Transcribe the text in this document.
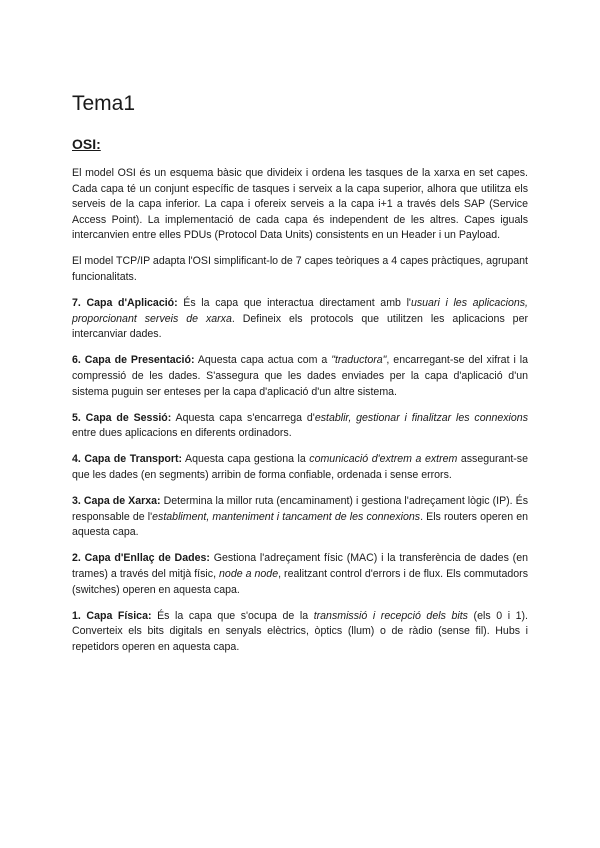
Tema1
OSI:

El model OSI és un esquema bàsic que divideix i ordena les tasques de la xarxa en set capes. Cada capa té un conjunt específic de tasques i serveix a la capa superior, alhora que utilitza els serveis de la capa inferior. La capa i ofereix serveis a la capa i+1 a través dels SAP (Service Access Point). La implementació de cada capa és independent de les altres. Capes iguals intercanvien entre elles PDUs (Protocol Data Units) consistents en un Header i un Payload.

El model TCP/IP adapta l'OSI simplificant-lo de 7 capes teòriques a 4 capes pràctiques, agrupant funcionalitats.

7. Capa d'Aplicació: És la capa que interactua directament amb l'usuari i les aplicacions, proporcionant serveis de xarxa. Defineix els protocols que utilitzen les aplicacions per intercanviar dades.

6. Capa de Presentació: Aquesta capa actua com a "traductora", encarregant-se del xifrat i la compressió de les dades. S'assegura que les dades enviades per la capa d'aplicació d'un sistema puguin ser enteses per la capa d'aplicació d'un altre sistema.

5. Capa de Sessió: Aquesta capa s'encarrega d'establir, gestionar i finalitzar les connexions entre dues aplicacions en diferents ordinadors.

4. Capa de Transport: Aquesta capa gestiona la comunicació d'extrem a extrem assegurant-se que les dades (en segments) arribin de forma confiable, ordenada i sense errors.

3. Capa de Xarxa: Determina la millor ruta (encaminament) i gestiona l'adreçament lògic (IP). És responsable de l'establiment, manteniment i tancament de les connexions. Els routers operen en aquesta capa.

2. Capa d'Enllaç de Dades: Gestiona l'adreçament físic (MAC) i la transferència de dades (en trames) a través del mitjà físic, node a node, realitzant control d'errors i de flux. Els commutadors (switches) operen en aquesta capa.

1. Capa Física: És la capa que s'ocupa de la transmissió i recepció dels bits (els 0 i 1). Converteix els bits digitals en senyals elèctrics, òptics (llum) o de ràdio (sense fil). Hubs i repetidors operen en aquesta capa.
